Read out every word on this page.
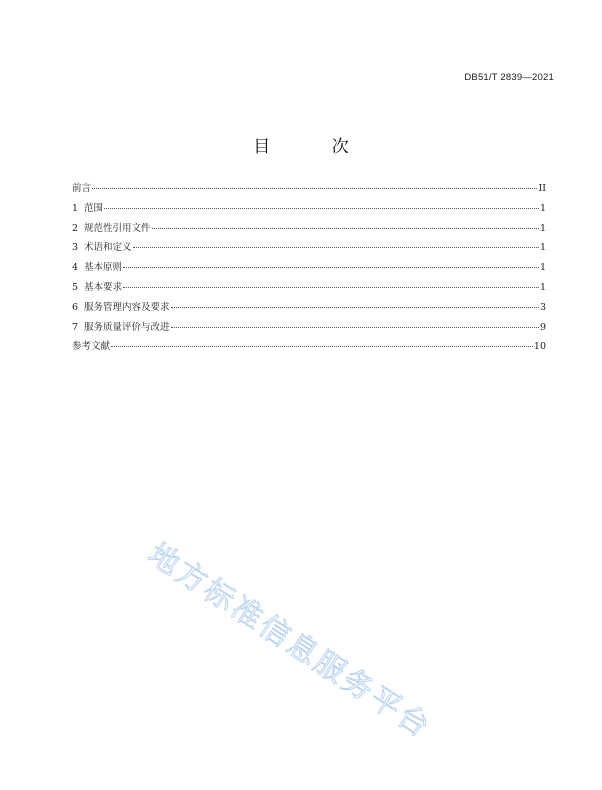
DB51/T 2839—2021
目	次
前言	II
1 范围	1
2 规范性引用文件	1
3 术语和定义	1
4 基本原则	1
5 基本要求	1
6 服务管理内容及要求	3
7 服务质量评价与改进	9
参考文献	10
地方标准信息服务平台
